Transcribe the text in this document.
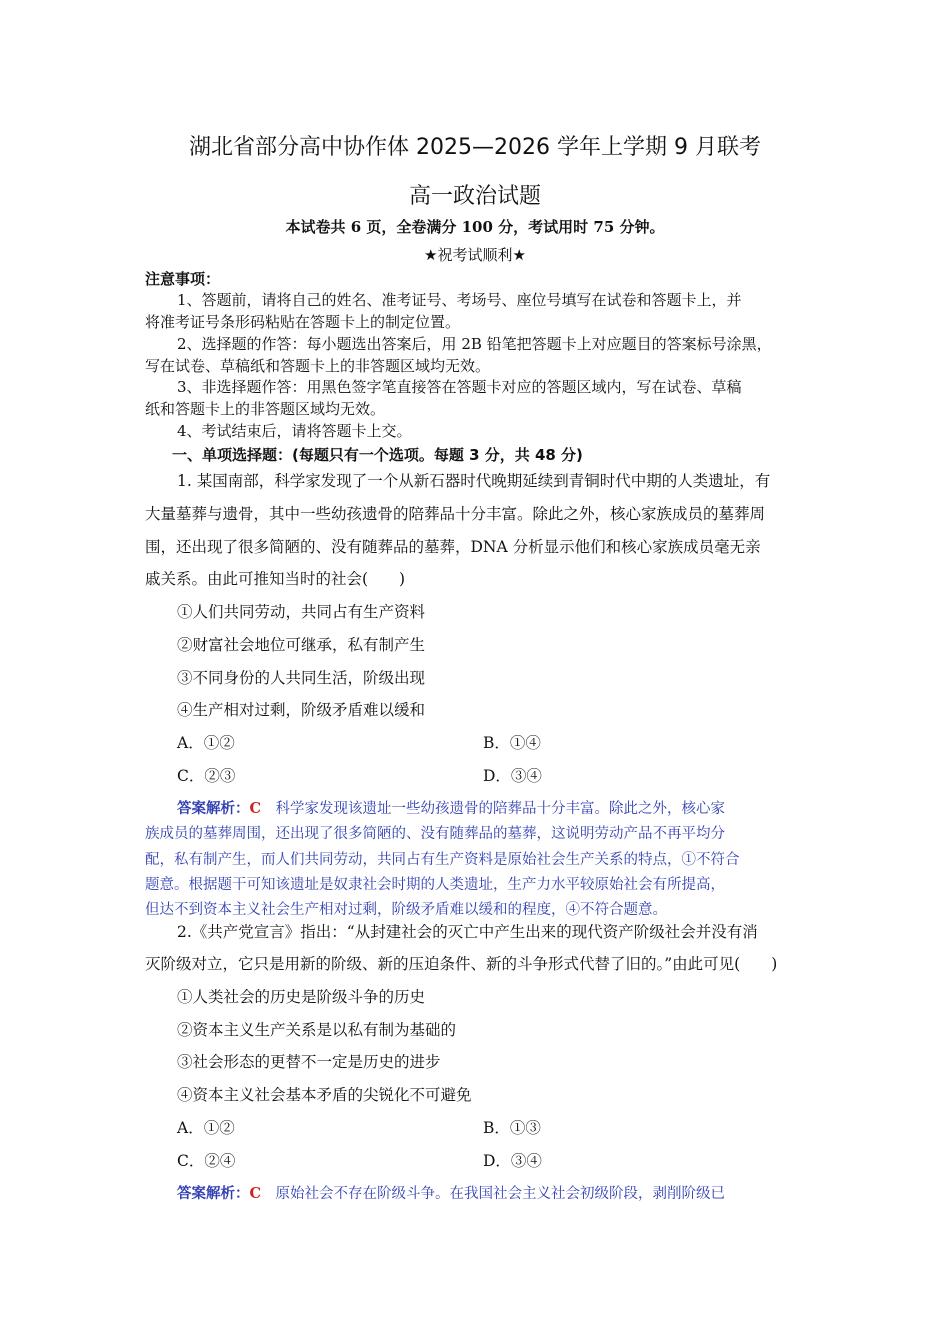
湖北省部分高中协作体 2025—2026 学年上学期 9 月联考
高一政治试题
本试卷共 6 页，全卷满分 100 分，考试用时 75 分钟。
★祝考试顺利★
注意事项：
1、答题前，请将自己的姓名、准考证号、考场号、座位号填写在试卷和答题卡上，并
将准考证号条形码粘贴在答题卡上的制定位置。
2、选择题的作答：每小题选出答案后，用 2B 铅笔把答题卡上对应题目的答案标号涂黑，
写在试卷、草稿纸和答题卡上的非答题区域均无效。
3、非选择题作答：用黑色签字笔直接答在答题卡对应的答题区域内，写在试卷、草稿
纸和答题卡上的非答题区域均无效。
4、考试结束后，请将答题卡上交。
一、单项选择题：(每题只有一个选项。每题 3 分，共 48 分)
1. 某国南部，科学家发现了一个从新石器时代晚期延续到青铜时代中期的人类遗址，有
大量墓葬与遗骨，其中一些幼孩遗骨的陪葬品十分丰富。除此之外，核心家族成员的墓葬周
围，还出现了很多简陋的、没有随葬品的墓葬，DNA 分析显示他们和核心家族成员毫无亲
戚关系。由此可推知当时的社会(　　)
①人们共同劳动，共同占有生产资料
②财富社会地位可继承，私有制产生
③不同身份的人共同生活，阶级出现
④生产相对过剩，阶级矛盾难以缓和
A．①②	B．①④
C．②③	D．③④
答案解析：C　科学家发现该遗址一些幼孩遗骨的陪葬品十分丰富。除此之外，核心家
族成员的墓葬周围，还出现了很多简陋的、没有随葬品的墓葬，这说明劳动产品不再平均分
配，私有制产生，而人们共同劳动，共同占有生产资料是原始社会生产关系的特点，①不符合
题意。根据题干可知该遗址是奴隶社会时期的人类遗址，生产力水平较原始社会有所提高，
但达不到资本主义社会生产相对过剩，阶级矛盾难以缓和的程度，④不符合题意。
2.《共产党宣言》指出：“从封建社会的灭亡中产生出来的现代资产阶级社会并没有消
灭阶级对立，它只是用新的阶级、新的压迫条件、新的斗争形式代替了旧的。”由此可见(　　)
①人类社会的历史是阶级斗争的历史
②资本主义生产关系是以私有制为基础的
③社会形态的更替不一定是历史的进步
④资本主义社会基本矛盾的尖锐化不可避免
A．①②	B．①③
C．②④	D．③④
答案解析：C　原始社会不存在阶级斗争。在我国社会主义社会初级阶段，剥削阶级已
